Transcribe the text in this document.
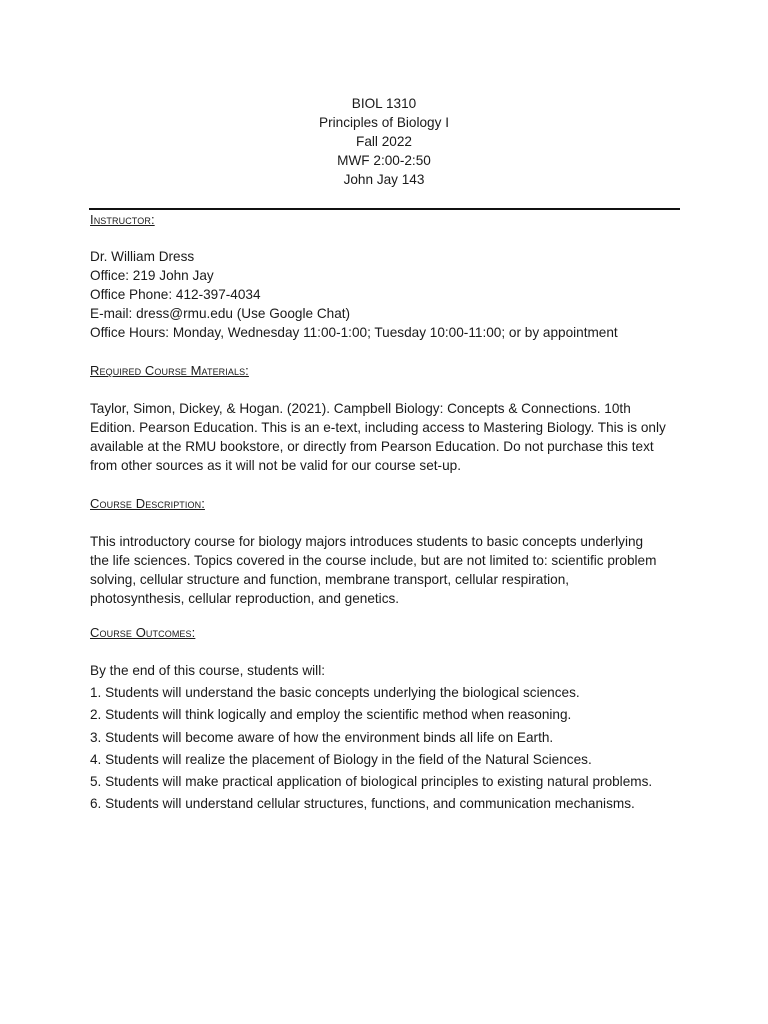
BIOL 1310
Principles of Biology I
Fall 2022
MWF 2:00-2:50
John Jay 143
Instructor:
Dr. William Dress
Office: 219 John Jay
Office Phone: 412-397-4034
E-mail: dress@rmu.edu (Use Google Chat)
Office Hours: Monday, Wednesday 11:00-1:00; Tuesday 10:00-11:00; or by appointment
Required Course Materials:
Taylor, Simon, Dickey, & Hogan. (2021). Campbell Biology: Concepts & Connections. 10th
Edition. Pearson Education. This is an e-text, including access to Mastering Biology. This is only
available at the RMU bookstore, or directly from Pearson Education. Do not purchase this text
from other sources as it will not be valid for our course set-up.
Course Description:
This introductory course for biology majors introduces students to basic concepts underlying
the life sciences. Topics covered in the course include, but are not limited to: scientific problem
solving, cellular structure and function, membrane transport, cellular respiration,
photosynthesis, cellular reproduction, and genetics.
Course Outcomes:
By the end of this course, students will:
1. Students will understand the basic concepts underlying the biological sciences.
2. Students will think logically and employ the scientific method when reasoning.
3. Students will become aware of how the environment binds all life on Earth.
4. Students will realize the placement of Biology in the field of the Natural Sciences.
5. Students will make practical application of biological principles to existing natural problems.
6. Students will understand cellular structures, functions, and communication mechanisms.
